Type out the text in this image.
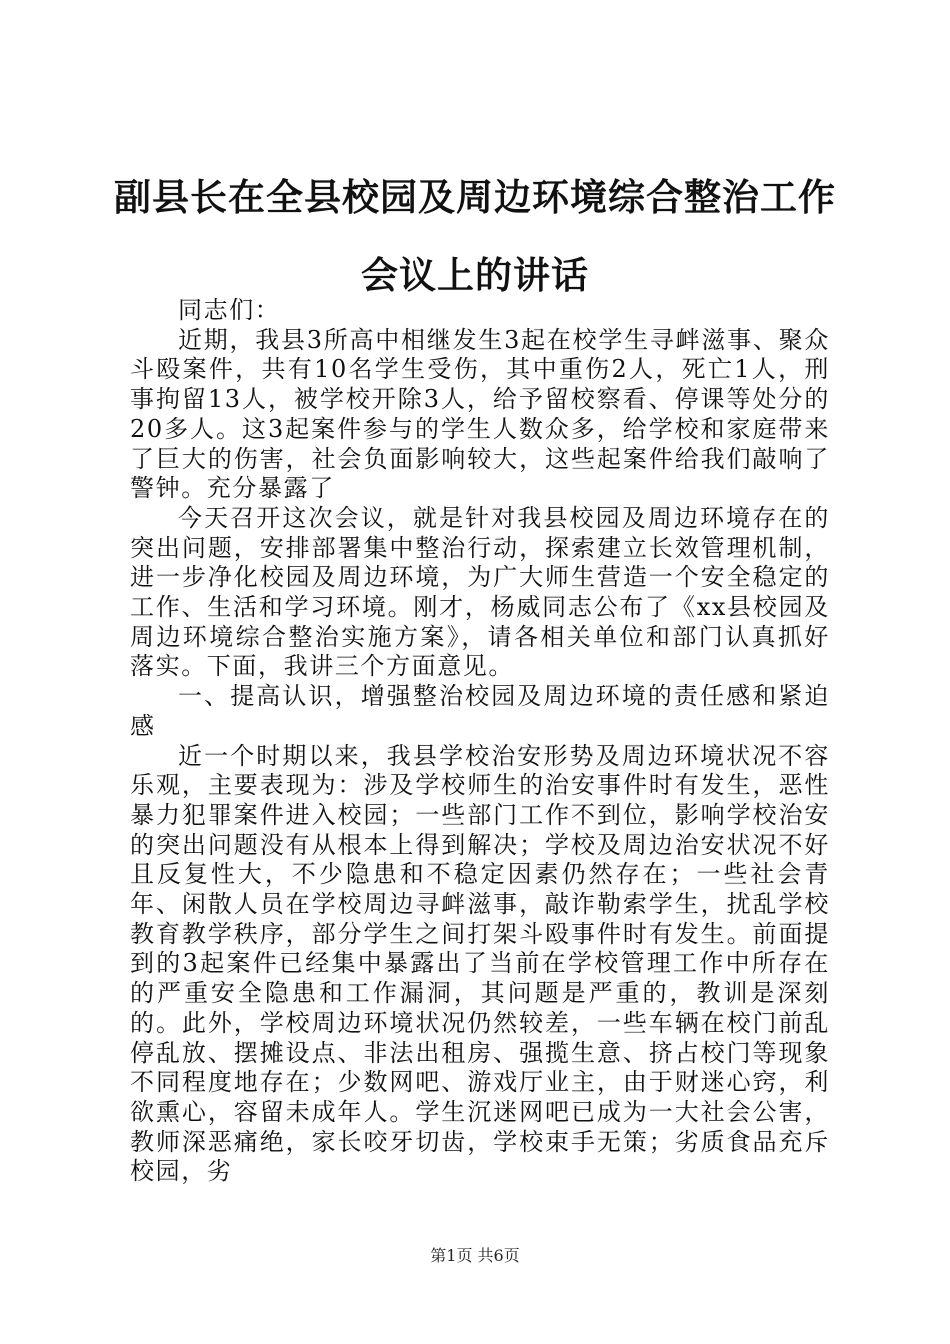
副县长在全县校园及周边环境综合整治工作会议上的讲话

同志们：

近期，我县3所高中相继发生3起在校学生寻衅滋事、聚众斗殴案件，共有10名学生受伤，其中重伤2人，死亡1人，刑事拘留13人，被学校开除3人，给予留校察看、停课等处分的20多人。这3起案件参与的学生人数众多，给学校和家庭带来了巨大的伤害，社会负面影响较大，这些起案件给我们敲响了警钟。充分暴露了

今天召开这次会议，就是针对我县校园及周边环境存在的突出问题，安排部署集中整治行动，探索建立长效管理机制，进一步净化校园及周边环境，为广大师生营造一个安全稳定的工作、生活和学习环境。刚才，杨威同志公布了《xx县校园及周边环境综合整治实施方案》，请各相关单位和部门认真抓好落实。下面，我讲三个方面意见。

一、提高认识，增强整治校园及周边环境的责任感和紧迫感

近一个时期以来，我县学校治安形势及周边环境状况不容乐观，主要表现为：涉及学校师生的治安事件时有发生，恶性暴力犯罪案件进入校园；一些部门工作不到位，影响学校治安的突出问题没有从根本上得到解决；学校及周边治安状况不好且反复性大，不少隐患和不稳定因素仍然存在；一些社会青年、闲散人员在学校周边寻衅滋事，敲诈勒索学生，扰乱学校教育教学秩序，部分学生之间打架斗殴事件时有发生。前面提到的3起案件已经集中暴露出了当前在学校管理工作中所存在的严重安全隐患和工作漏洞，其问题是严重的，教训是深刻的。此外，学校周边环境状况仍然较差，一些车辆在校门前乱停乱放、摆摊设点、非法出租房、强揽生意、挤占校门等现象不同程度地存在；少数网吧、游戏厅业主，由于财迷心窍，利欲熏心，容留未成年人。学生沉迷网吧已成为一大社会公害，教师深恶痛绝，家长咬牙切齿，学校束手无策；劣质食品充斥校园，劣

第1页 共6页
